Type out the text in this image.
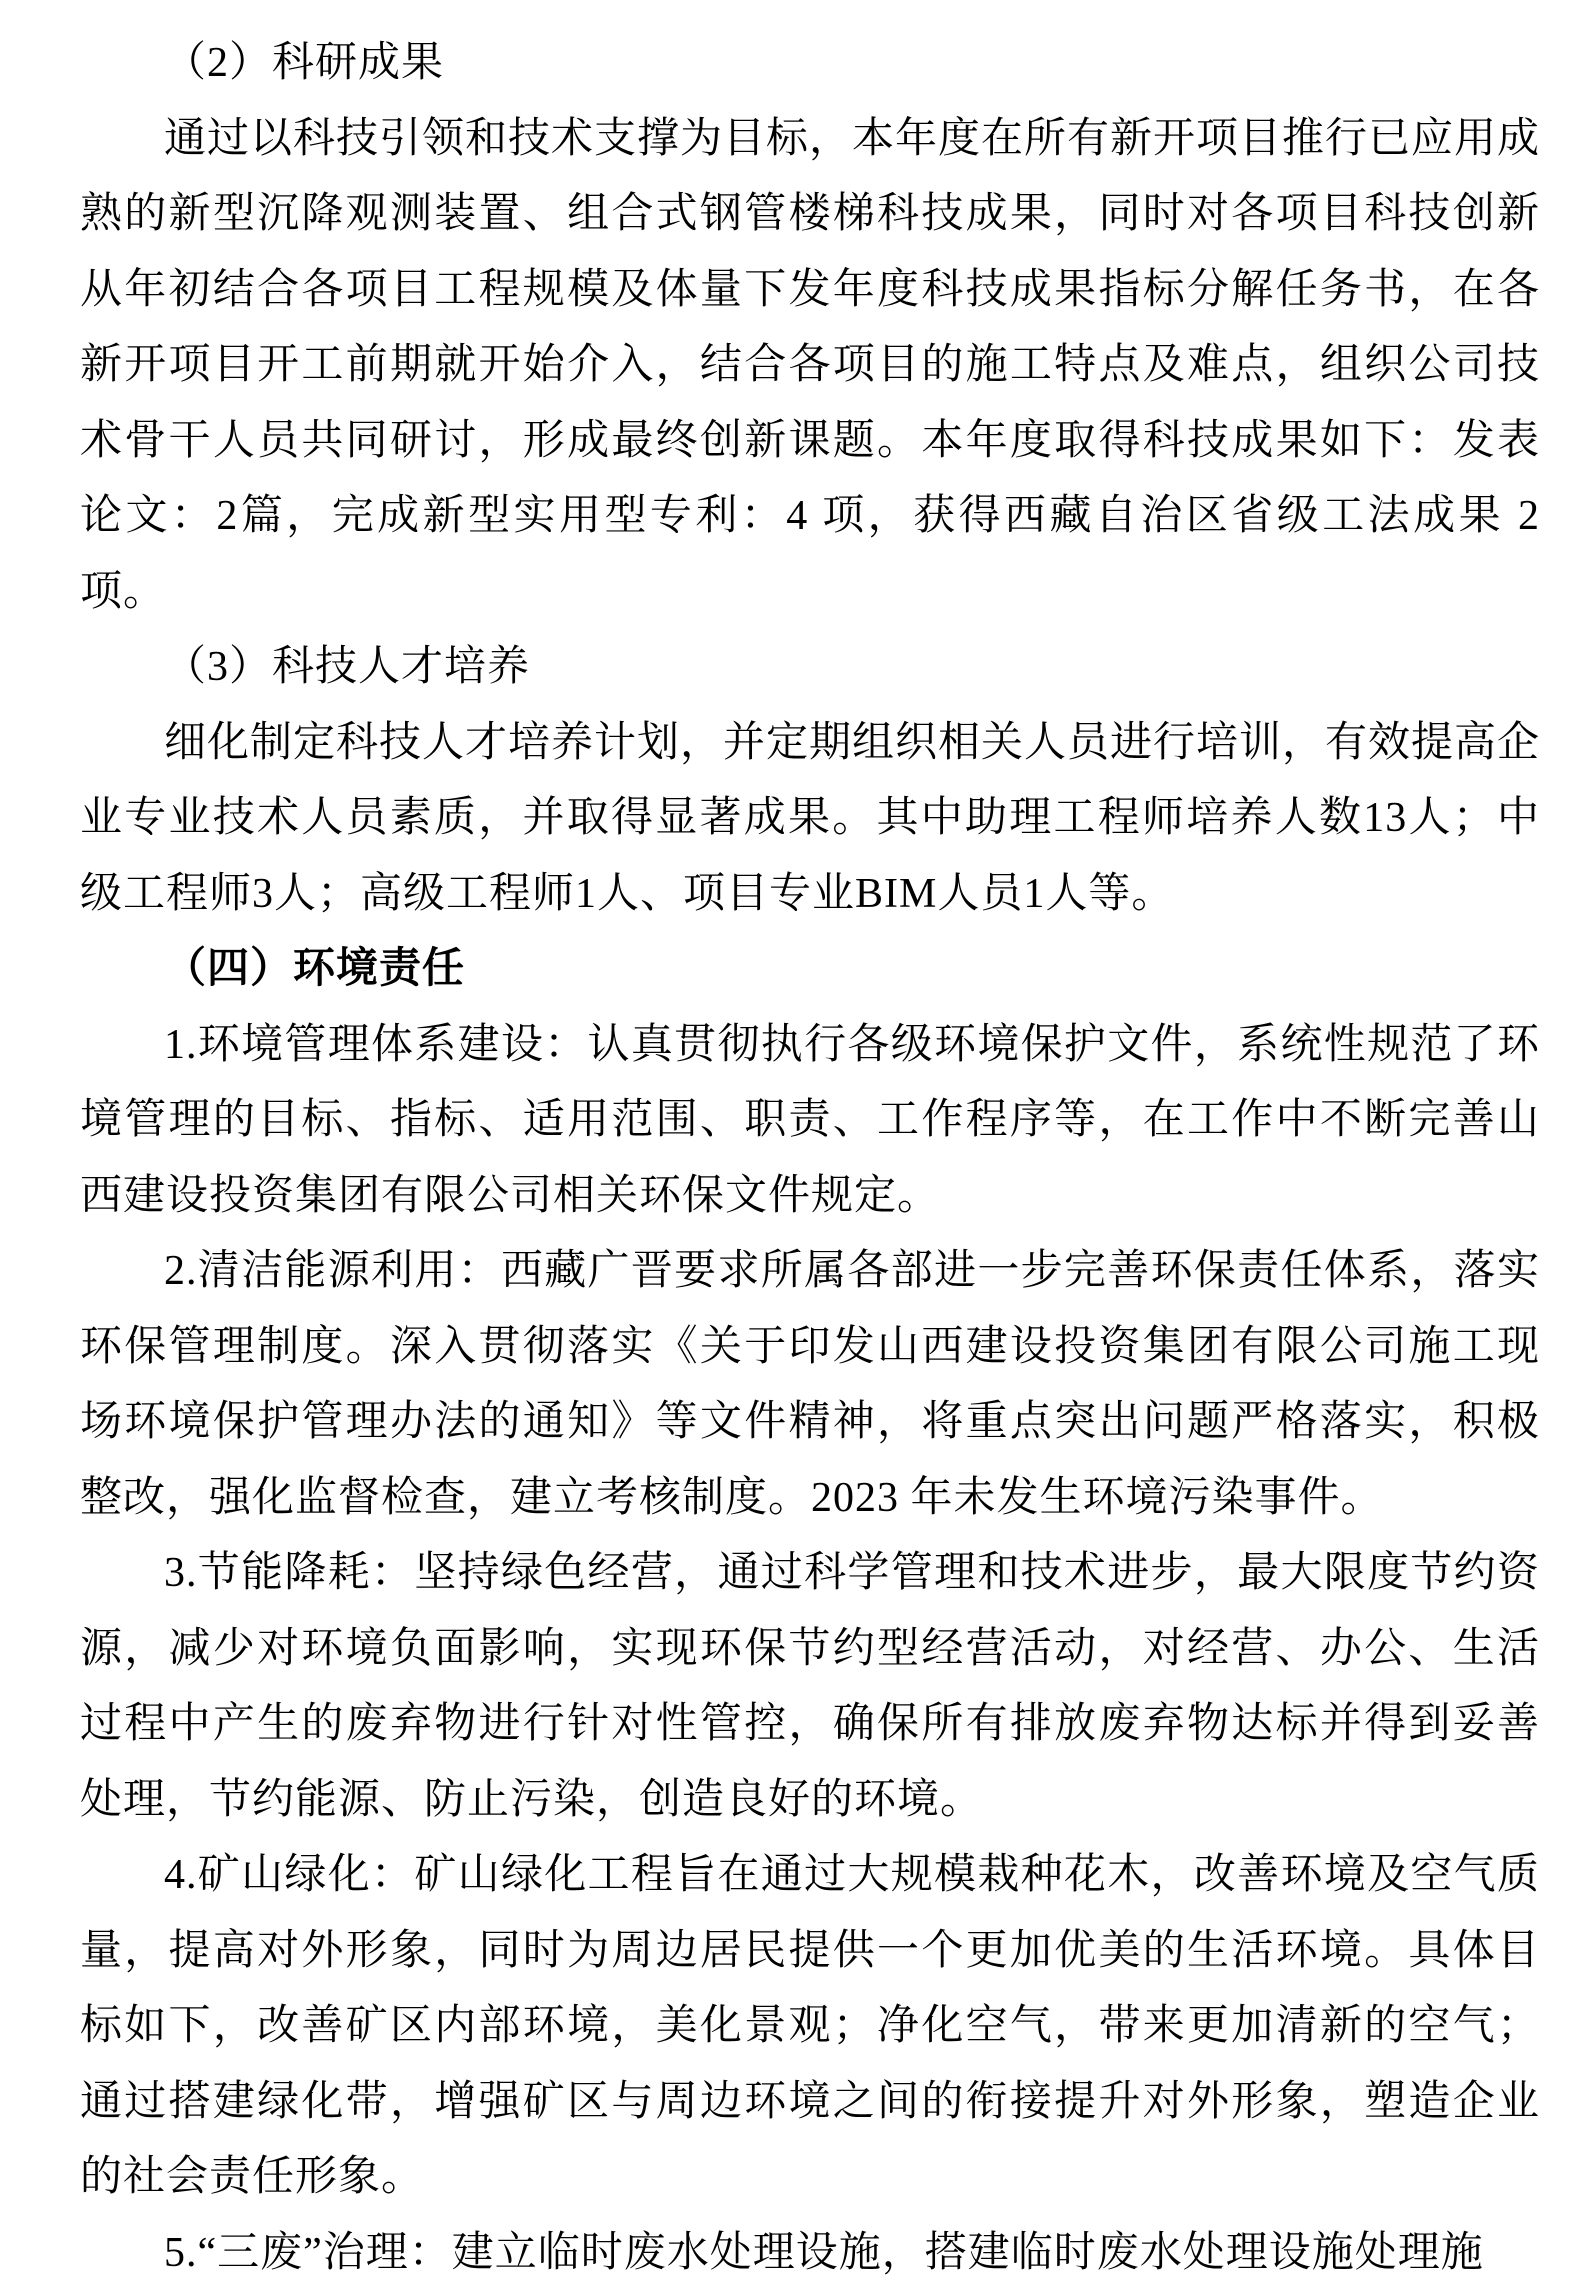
（2）科研成果

通过以科技引领和技术支撑为目标，本年度在所有新开项目推行已应用成熟的新型沉降观测装置、组合式钢管楼梯科技成果，同时对各项目科技创新从年初结合各项目工程规模及体量下发年度科技成果指标分解任务书，在各新开项目开工前期就开始介入，结合各项目的施工特点及难点，组织公司技术骨干人员共同研讨，形成最终创新课题。本年度取得科技成果如下：发表论文：2篇，完成新型实用型专利：4 项，获得西藏自治区省级工法成果 2 项。

（3）科技人才培养

细化制定科技人才培养计划，并定期组织相关人员进行培训，有效提高企业专业技术人员素质，并取得显著成果。其中助理工程师培养人数13人；中级工程师3人；高级工程师1人、项目专业BIM人员1人等。

（四）环境责任

1.环境管理体系建设：认真贯彻执行各级环境保护文件，系统性规范了环境管理的目标、指标、适用范围、职责、工作程序等，在工作中不断完善山西建设投资集团有限公司相关环保文件规定。

2.清洁能源利用：西藏广晋要求所属各部进一步完善环保责任体系，落实环保管理制度。深入贯彻落实《关于印发山西建设投资集团有限公司施工现场环境保护管理办法的通知》等文件精神，将重点突出问题严格落实，积极整改，强化监督检查，建立考核制度。2023 年未发生环境污染事件。

3.节能降耗：坚持绿色经营，通过科学管理和技术进步，最大限度节约资源，减少对环境负面影响，实现环保节约型经营活动，对经营、办公、生活过程中产生的废弃物进行针对性管控，确保所有排放废弃物达标并得到妥善处理，节约能源、防止污染，创造良好的环境。

4.矿山绿化：矿山绿化工程旨在通过大规模栽种花木，改善环境及空气质量，提高对外形象，同时为周边居民提供一个更加优美的生活环境。具体目标如下，改善矿区内部环境，美化景观；净化空气，带来更加清新的空气；通过搭建绿化带，增强矿区与周边环境之间的衔接提升对外形象，塑造企业的社会责任形象。

5.“三废”治理：建立临时废水处理设施，搭建临时废水处理设施处理施
